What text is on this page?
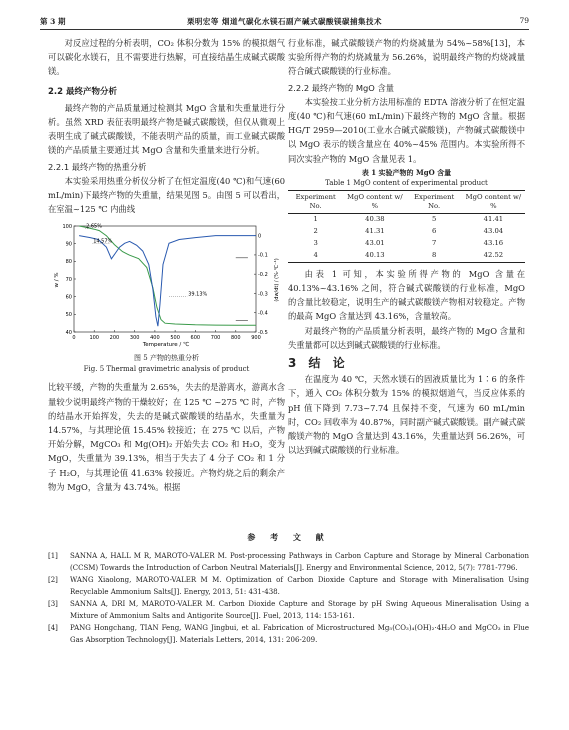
第 3 期	栗明宏等 烟道气碳化水镁石副产碱式碳酸镁碳捕集技术	79

对反应过程的分析表明，CO₂ 体积分数为 15% 的模拟烟气可以碳化水镁石，且不需要进行热解，可直接结晶生成碱式碳酸镁。

2.2 最终产物分析

最终产物的产品质量通过检测其 MgO 含量和失重量进行分析。虽然 XRD 表征表明最终产物是碱式碳酸镁，但仅从微观上表明生成了碱式碳酸镁，不能表明产品的质量，而工业碱式碳酸镁的产品质量主要通过其 MgO 含量和失重量来进行分析。

2.2.1 最终产物的热重分析

本实验采用热重分析仪分析了在恒定温度(40 ℃)和气速(60 mL/min)下最终产物的失重量，结果见图 5。由图 5 可以看出，在室温~125 ℃ 内曲线

0	100 200 300 400 500 600 700 800 900
40
50
60
70
80
90
100
-0.5
-0.4
-0.3
-0.2
-0.1
0
2.65%
14.57%
39.13%
Temperature / ℃
w / %	(dw/dt) / (%·℃⁻¹)
图 5 产物的热重分析
Fig. 5 Thermal gravimetric analysis of product

比较平缓，产物的失重量为 2.65%，失去的是游离水，游离水含量较少说明最终产物的干燥较好；在 125 ℃ ~275 ℃ 时，产物的结晶水开始挥发，失去的是碱式碳酸镁的结晶水，失重量为 14.57%，与其理论值 15.45% 较接近；在 275 ℃ 以后，产物开始分解，MgCO₃ 和 Mg(OH)₂ 开始失去 CO₂ 和 H₂O，变为 MgO，失重量为 39.13%，相当于失去了 4 分子 CO₂ 和 1 分子 H₂O，与其理论值 41.63% 较接近。产物灼烧之后的剩余产物为 MgO，含量为 43.74%。根据

行业标准，碱式碳酸镁产物的灼烧减量为 54%~58%[13]，本实验所得产物的灼烧减量为 56.26%，说明最终产物的灼烧减量符合碱式碳酸镁的行业标准。

2.2.2 最终产物的 MgO 含量

本实验按工业分析方法用标准的 EDTA 溶液分析了在恒定温度(40 ℃)和气速(60 mL/min)下最终产物的 MgO 含量。根据 HG/T 2959—2010(工业水合碱式碳酸镁)，产物碱式碳酸镁中以 MgO 表示的镁含量应在 40%~45% 范围内。本实验所得不同次实验产物的 MgO 含量见表 1。

表 1 实验产物的 MgO 含量
Table 1 MgO content of experimental product
Experiment No.	MgO content w/ %	Experiment No.	MgO content w/ %
1	40.38	5	41.41
2	41.31	6	43.04
3	43.01	7	43.16
4	40.13	8	42.52

由表 1 可知，本实验所得产物的 MgO 含量在 40.13%~43.16% 之间，符合碱式碳酸镁的行业标准，MgO 的含量比较稳定，说明生产的碱式碳酸镁产物相对较稳定。产物的最高 MgO 含量达到 43.16%，含量较高。

对最终产物的产品质量分析表明，最终产物的 MgO 含量和失重量都可以达到碱式碳酸镁的行业标准。

3 结 论

在温度为 40 ℃，天然水镁石的固液质量比为 1∶6 的条件下，通入 CO₂ 体积分数为 15% 的模拟烟道气，当反应体系的 pH 值下降到 7.73~7.74 且保持不变，气速为 60 mL/min 时，CO₂ 回收率为 40.87%，同时副产碱式碳酸镁。副产碱式碳酸镁产物的 MgO 含量达到 43.16%，失重量达到 56.26%，可以达到碱式碳酸镁的行业标准。

参 考 文 献
[1] SANNA A, HALL M R, MAROTO-VALER M. Post-processing Pathways in Carbon Capture and Storage by Mineral Carbonation (CCSM) Towards the Introduction of Carbon Neutral Materials[J]. Energy and Environmental Science, 2012, 5(7): 7781-7796.
[2] WANG Xiaolong, MAROTO-VALER M M. Optimization of Carbon Dioxide Capture and Storage with Mineralisation Using Recyclable Ammonium Salts[J]. Energy, 2013, 51: 431-438.
[3] SANNA A, DRI M, MAROTO-VALER M. Carbon Dioxide Capture and Storage by pH Swing Aqueous Mineralisation Using a Mixture of Ammonium Salts and Antigorite Source[J]. Fuel, 2013, 114: 153-161.
[4] PANG Hongchang, TIAN Feng, WANG Jingbui, et al. Fabrication of Microstructured Mg₅(CO₃)₄(OH)₂·4H₂O and MgCO₃ in Flue Gas Absorption Technology[J]. Materials Letters, 2014, 131: 206-209.
